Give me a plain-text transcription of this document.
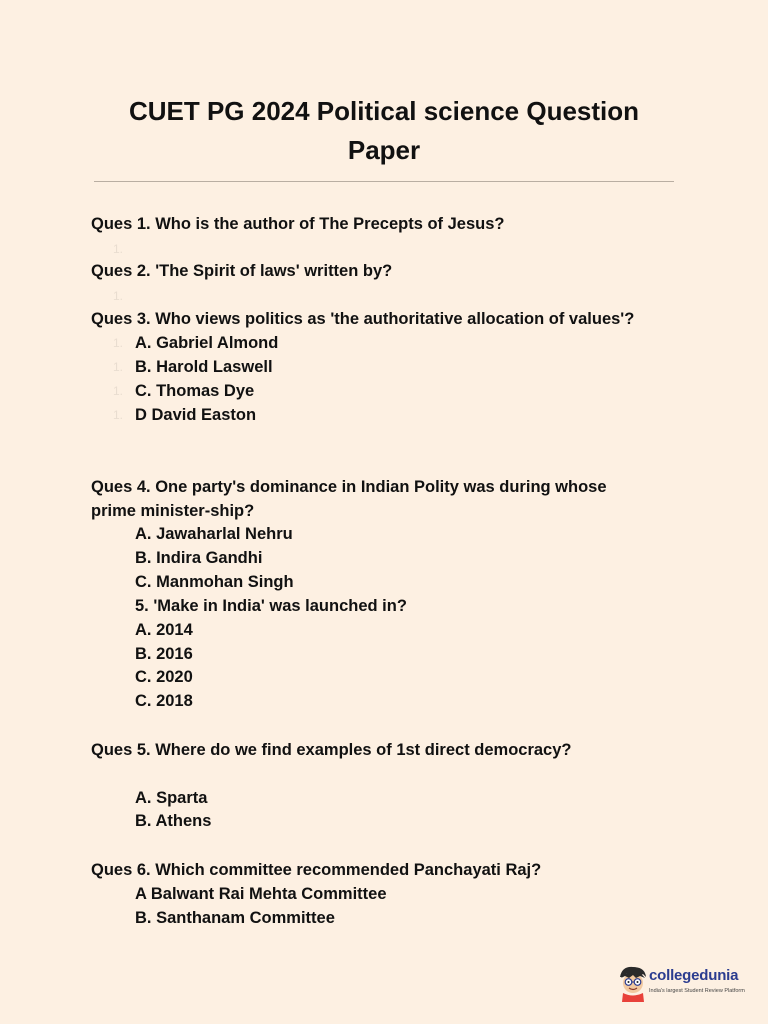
CUET PG 2024 Political science Question
Paper
1.
1.
1.
1.
1.
1.
Ques 1. Who is the author of The Precepts of Jesus?
Ques 2. 'The Spirit of laws' written by?
Ques 3. Who views politics as 'the authoritative allocation of values'?
A. Gabriel Almond
B. Harold Laswell
C. Thomas Dye
D David Easton
Ques 4. One party's dominance in Indian Polity was during whose
prime minister-ship?
A. Jawaharlal Nehru
B. Indira Gandhi
C. Manmohan Singh
5. 'Make in India' was launched in?
A. 2014
B. 2016
C. 2020
C. 2018
Ques 5. Where do we find examples of 1st direct democracy?
A. Sparta
B. Athens
Ques 6. Which committee recommended Panchayati Raj?
A Balwant Rai Mehta Committee
B. Santhanam Committee
collegedunia
India's largest Student Review Platform
